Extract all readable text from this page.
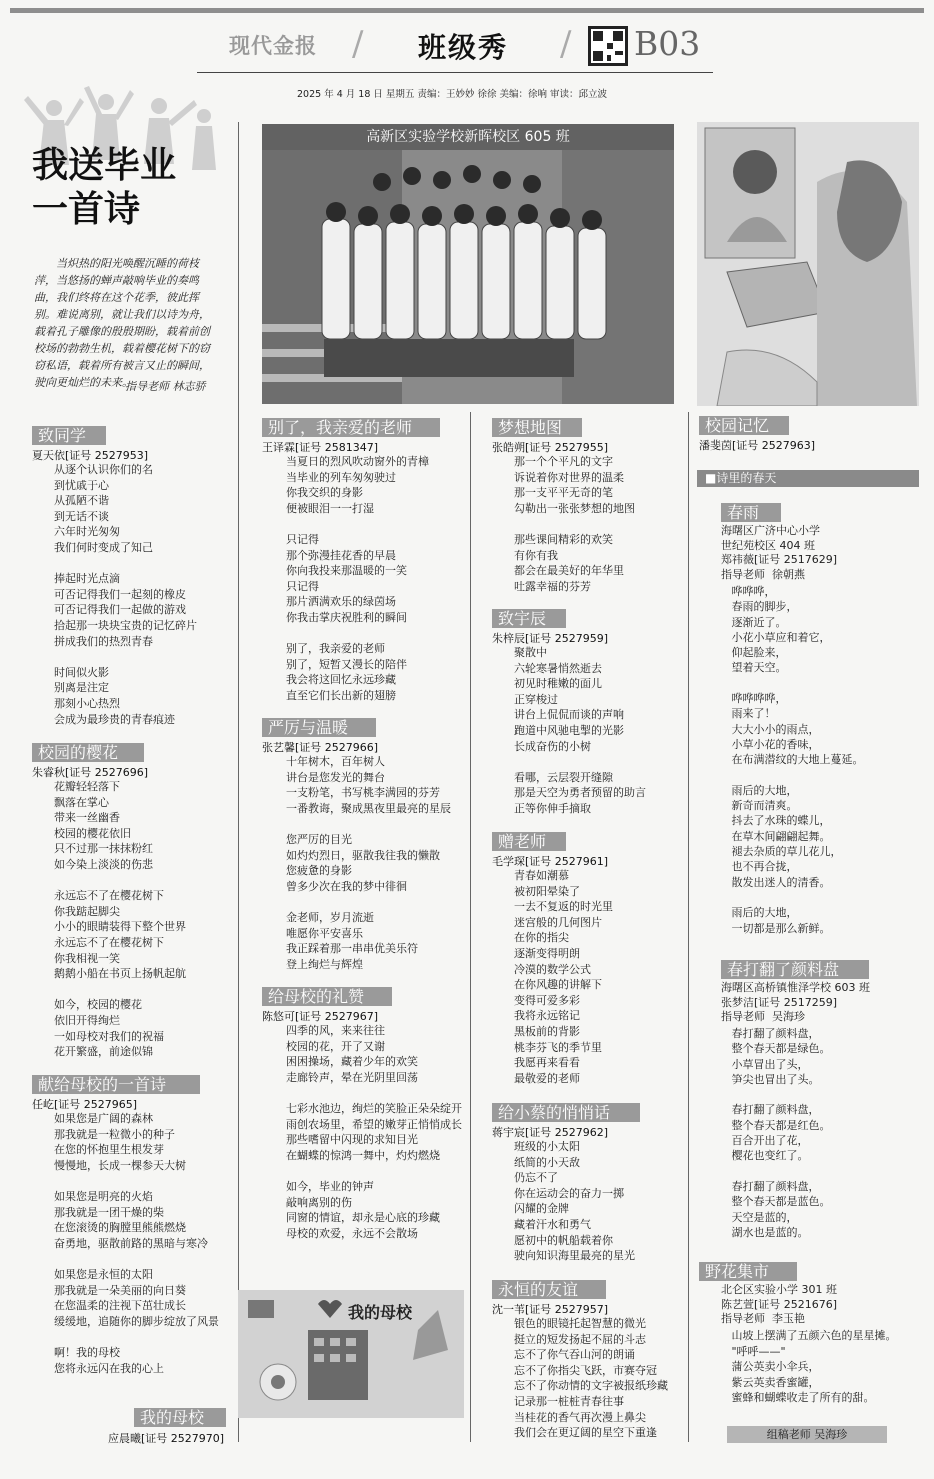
现代金报 / 班级秀 / B03
2025 年 4 月 18 日 星期五 责编：王妙妙 徐徐 美编：徐响 审读：邱立波
我送毕业
一首诗
当炽热的阳光唤醒沉睡的荷枝萍，当悠扬的蝉声敲响毕业的奏鸣曲，我们终将在这个花季，彼此挥别。难说离别，就让我们以诗为舟，载着孔子雕像的殷殷期盼，载着前创校场的勃勃生机，载着樱花树下的窃窃私语，载着所有被言又止的瞬间，驶向更灿烂的未来。
指导老师 林志骄
高新区实验学校新晖校区 605 班
致同学
夏天依[证号 2527953]
从逐个认识你们的名
到忧戚于心
从孤陋不谐
到无话不谈
六年时光匆匆
我们何时变成了知己

捧起时光点滴
可否记得我们一起刻的橡皮
可否记得我们一起做的游戏
拾起那一块块宝贵的记忆碎片
拼成我们的热烈青春

时间似火影
别离是注定
那刻小心热烈
会成为最珍贵的青春痕迹
校园的樱花
朱睿秋[证号 2527696]
花瓣轻轻落下
飘落在掌心
带来一丝幽香
校园的樱花依旧
只不过那一抹抹粉红
如今染上淡淡的伤悲

永远忘不了在樱花树下
你我踮起脚尖
小小的眼睛装得下整个世界
永远忘不了在樱花树下
你我相视一笑
鹅鹅小船在书页上扬帆起航

如今，校园的樱花
依旧开得绚烂
一如母校对我们的祝福
花开繁盛，前途似锦
献给母校的一首诗
任屹[证号 2527965]
如果您是广阔的森林
那我就是一粒微小的种子
在您的怀抱里生根发芽
慢慢地，长成一棵参天大树

如果您是明亮的火焰
那我就是一团干燥的柴
在您滚烫的胸膛里熊熊燃烧
奋勇地，驱散前路的黑暗与寒冷

如果您是永恒的太阳
那我就是一朵美丽的向日葵
在您温柔的注视下茁壮成长
缓缓地，追随你的脚步绽放了风景

啊！我的母校
您将永远闪在我的心上
别了，我亲爱的老师
王译霖[证号 2581347]
当夏日的烈风吹动窗外的青樟
当毕业的列车匆匆驶过
你我交织的身影
便被眼泪一一打湿

只记得
那个弥漫挂花香的早晨
你向我投来那温暖的一笑
只记得
那片洒满欢乐的绿茵场
你我击掌庆祝胜利的瞬间

别了，我亲爱的老师
别了，短暂又漫长的陪伴
我会将这回忆永远珍藏
直至它们长出新的翅膀
严厉与温暖
张艺馨[证号 2527966]
十年树木，百年树人
讲台是您发光的舞台
一支粉笔，书写桃李满园的芬芳
一番教诲，聚成黑夜里最亮的星辰

您严厉的目光
如灼灼烈日，驱散我往我的懒散
您疲惫的身影
曾多少次在我的梦中徘徊

金老师，岁月流逝
唯愿你平安喜乐
我正踩着那一串串优美乐符
登上绚烂与辉煌
给母校的礼赞
陈悠可[证号 2527967]
四季的风，来来往往
校园的花，开了又谢
困困操场，藏着少年的欢笑
走廊铃声，晕在光阴里回荡

七彩水池边，绚烂的笑脸正朵朵绽开
雨创农场里，希望的嫩芽正悄悄成长
那些嗜留中闪现的求知目光
在蝴蝶的惊鸿一舞中，灼灼燃烧

如今，毕业的钟声
敲响离别的伤
同窗的情谊，却永是心底的珍藏
母校的欢爱，永远不会散场
我的母校
我的母校
应晨曦[证号 2527970]
梦想地图
张皓朔[证号 2527955]
那一个个平凡的文字
诉说着你对世界的温柔
那一支平平无奇的笔
勾勒出一张张梦想的地图

那些课间精彩的欢笑
有你有我
都会在最美好的年华里
吐露幸福的芬芳
致宇辰
朱梓辰[证号 2527959]
聚散中
六轮寒暑悄然逝去
初见时稚嫩的面儿
正穿梭过
讲台上侃侃而谈的声响
跑道中风驰电掣的光影
长成奋伤的小树

看哪，云层裂开缝隙
那是天空为勇者预留的助言
正等你伸手摘取
赠老师
毛学琛[证号 2527961]
青春如潮慕
被初阳晕染了
一去不复返的时光里
迷宫般的几何图片
在你的指尖
逐渐变得明朗
冷漠的数学公式
在你风趣的讲解下
变得可爱多彩
我将永远铭记
黑板前的背影
桃李芬飞的季节里
我愿再来看看
最敬爱的老师
给小蔡的悄悄话
蒋宇宸[证号 2527962]
班级的小太阳
纸简的小天敌
仍忘不了
你在运动会的奋力一掷
闪耀的金牌
藏着汗水和勇气
愿初中的帆船载着你
驶向知识海里最亮的星光
永恒的友谊
沈一苇[证号 2527957]
银色的眼镜托起智慧的微光
挺立的短发扬起不屈的斗志
忘不了你气吞山河的朗诵
忘不了你指尖飞跃，市赛夺冠
忘不了你动情的文字被报纸珍藏
记录那一桩桩青春往事
当桂花的香气再次漫上鼻尖
我们会在更辽阔的星空下重逢
校园记忆
潘斐茵[证号 2527963]
■诗里的春天
春雨
海曙区广济中心小学
世纪苑校区 404 班
郑祎薇[证号 2517629]
指导老师  徐朝燕
哗哗哗，
春雨的脚步，
逐渐近了。
小花小草应和着它，
仰起脸来，
望着天空。

哗哗哗哗，
雨来了！
大大小小的雨点，
小草小花的香味，
在布满潜纹的大地上蔓延。

雨后的大地，
新奇而清爽。
抖去了水珠的蝶儿，
在草木间翩翩起舞。
褪去杂质的草儿花儿，
也不再合拢，
散发出迷人的清香。

雨后的大地，
一切都是那么新鲜。
春打翻了颜料盘
海曙区高桥镇惟泽学校 603 班
张梦洁[证号 2517259]
指导老师  吴海珍
春打翻了颜料盘，
整个春天都是绿色。
小草冒出了头，
笋尖也冒出了头。

春打翻了颜料盘，
整个春天都是红色。
百合开出了花，
樱花也变红了。

春打翻了颜料盘，
整个春天都是蓝色。
天空是蓝的，
湖水也是蓝的。
野花集市
北仑区实验小学 301 班
陈艺萱[证号 2521676]
指导老师  李玉艳
山坡上摆满了五颜六色的星星摊。
"呼呼——"
蒲公英卖小伞兵，
紫云英卖香蜜罐，
蜜蜂和蝴蝶收走了所有的甜。
组稿老师 吴海珍
